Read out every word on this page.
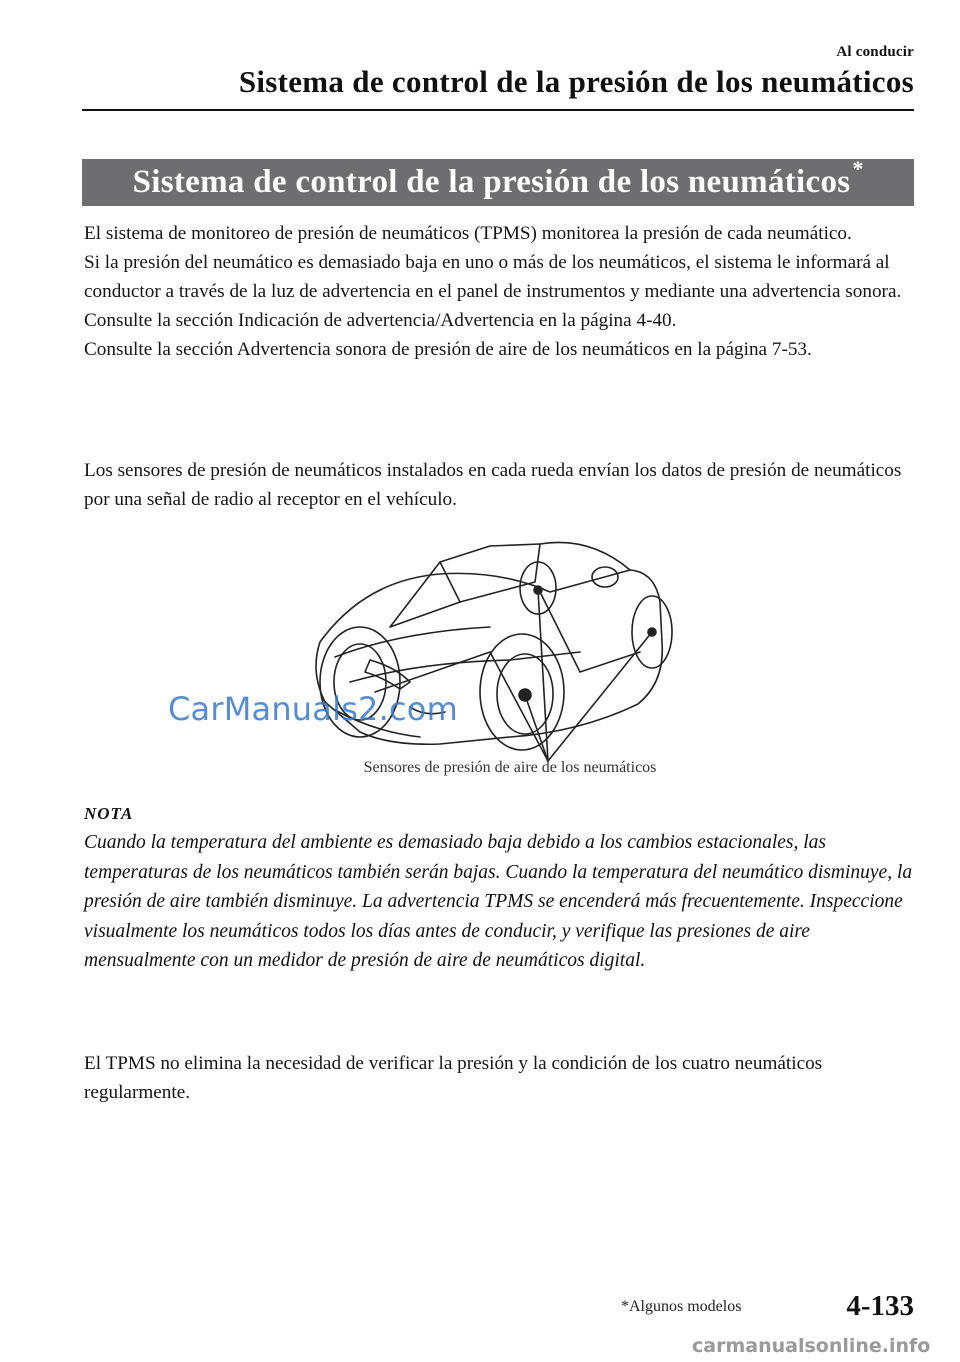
Al conducir
Sistema de control de la presión de los neumáticos
Sistema de control de la presión de los neumáticos *

El sistema de monitoreo de presión de neumáticos (TPMS) monitorea la presión de cada neumático.

Si la presión del neumático es demasiado baja en uno o más de los neumáticos, el sistema le informará al conductor a través de la luz de advertencia en el panel de instrumentos y mediante una advertencia sonora.

Consulte la sección Indicación de advertencia/Advertencia en la página 4-40.

Consulte la sección Advertencia sonora de presión de aire de los neumáticos en la página 7-53.

Los sensores de presión de neumáticos instalados en cada rueda envían los datos de presión de neumáticos por una señal de radio al receptor en el vehículo.
CarManuals2.com
Sensores de presión de aire de los neumáticos
NOTA

Cuando la temperatura del ambiente es demasiado baja debido a los cambios estacionales, las temperaturas de los neumáticos también serán bajas. Cuando la temperatura del neumático disminuye, la presión de aire también disminuye. La advertencia TPMS se encenderá más frecuentemente. Inspeccione visualmente los neumáticos todos los días antes de conducir, y verifique las presiones de aire mensualmente con un medidor de presión de aire de neumáticos digital.

El TPMS no elimina la necesidad de verificar la presión y la condición de los cuatro neumáticos regularmente.
*Algunos modelos	4-133
carmanualsonline.info
